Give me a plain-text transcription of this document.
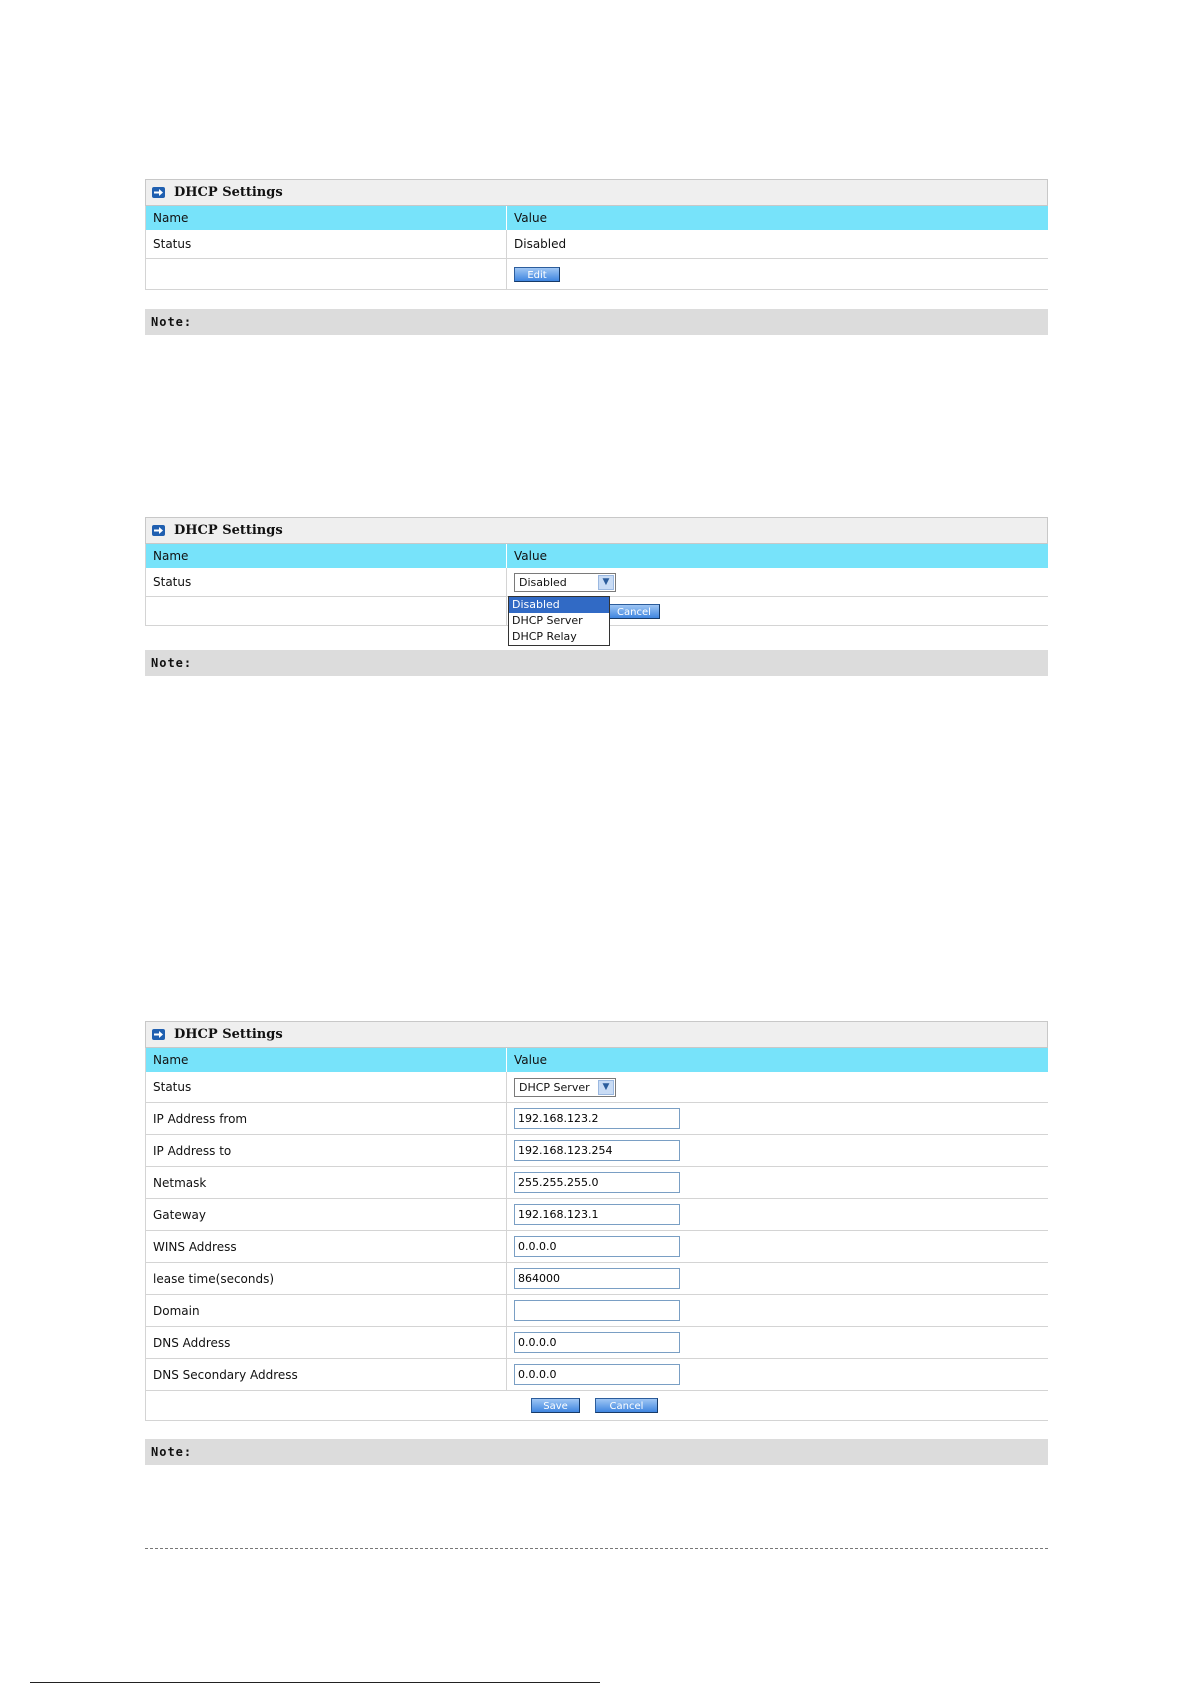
DHCP Settings
Name	Value
Status	Disabled
	Edit
Note:
DHCP Settings
Name	Value
Status	Disabled ▼

	Cancel
Disabled
DHCP Server
DHCP Relay
Note:
DHCP Settings
Name	Value
Status	DHCP Server ▼

IP Address from	192.168.123.2
IP Address to	192.168.123.254
Netmask	255.255.255.0
Gateway	192.168.123.1
WINS Address	0.0.0.0
lease time(seconds)	864000
Domain	
DNS Address	0.0.0.0
DNS Secondary Address	0.0.0.0
Save	Cancel
Note:
